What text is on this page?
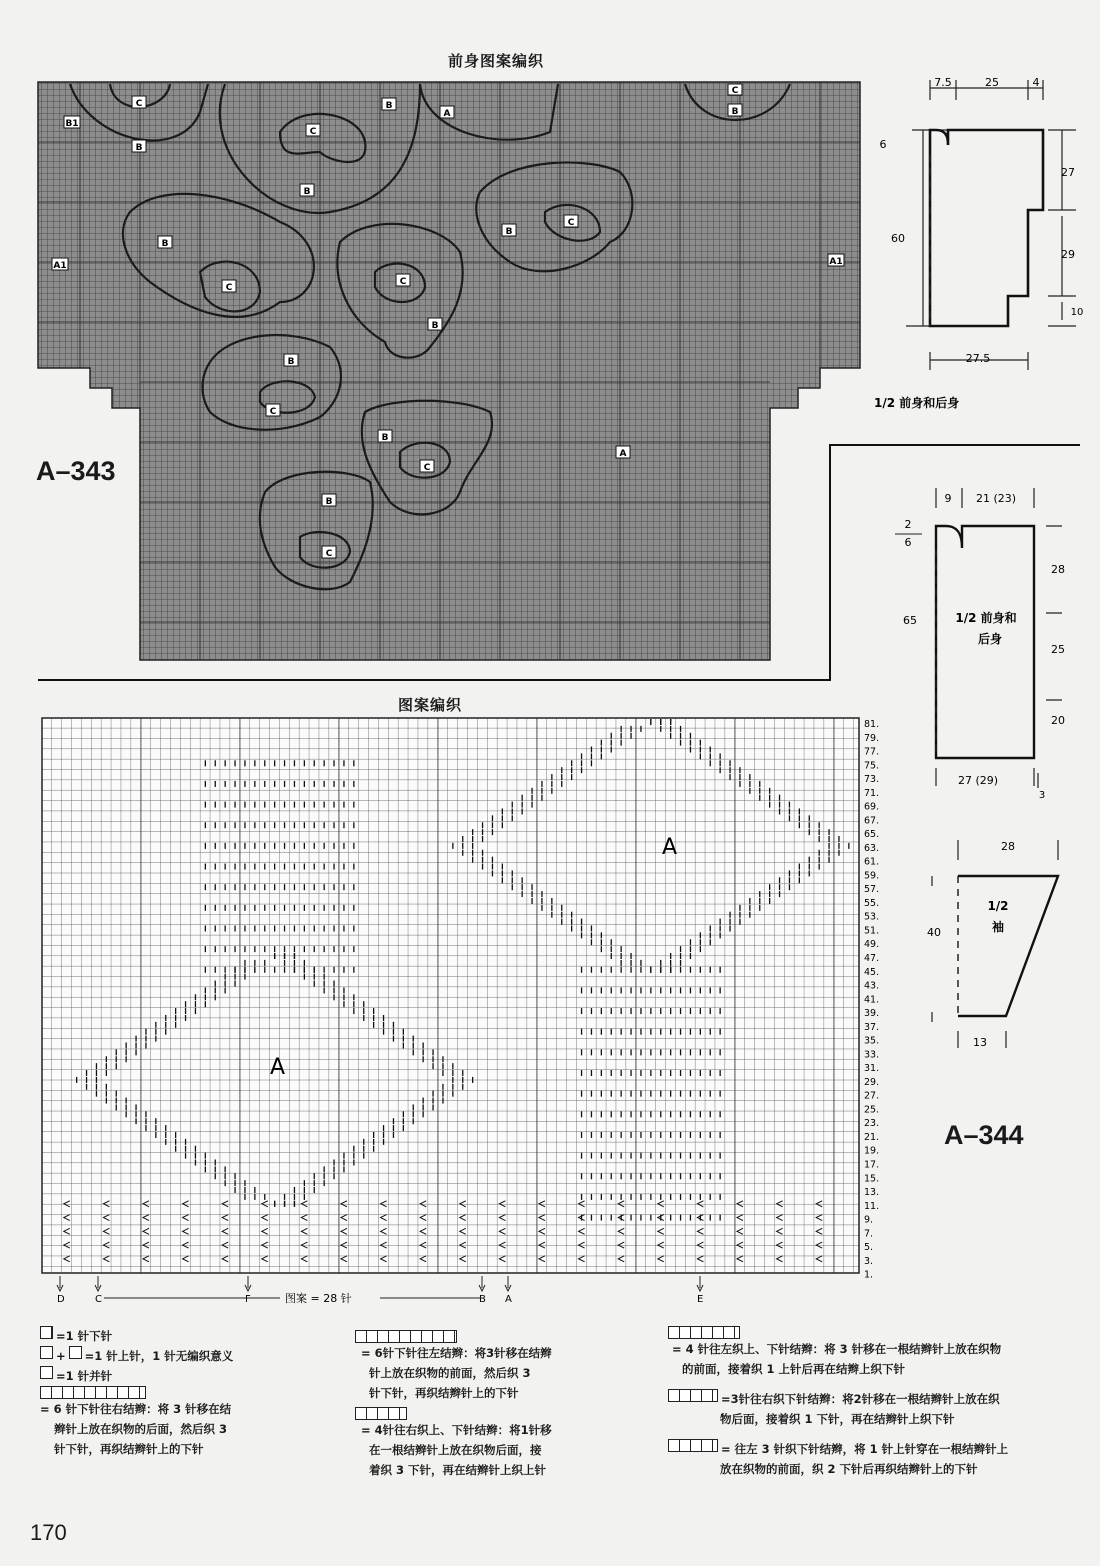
前身图案编织
C
B1
B
C
B
A
C
B
B
B
C
B
C
C
B
A1	A1
B
C
B
C
A
B
C
A–343
7.5	25	4
6
60
27
29
10
27.5
1/2 前身和后身
9 21 (23)
2
6
65
28
25
20
27 (29)
3
1/2 前身和
后身
28
40
13
1/2
袖
A–344
图案编织
81.
79.
77.
75.
73.
71.
69.
67.
65.
63.
61.
59.
57.
55.
53.
51.
49.
47.
45.
43.
41.
39.
37.
35.
33.
31.
29.
27.
25.
23.
21.
19.
17.
15.
13.
11.
9.
7.
5.
3.
1.
D	C	F	B A	E
图案 = 28 针
A
A
=1 针下针
+ =1 针上针，1 针无编织意义
=1 针并针
= 6 针下针往右结辫：将 3 针移在结
辫针上放在织物的后面，然后织 3
针下针，再织结辫针上的下针
= 6针下针往左结辫：将3针移在结辫
针上放在织物的前面，然后织 3
针下针，再织结辫针上的下针
= 4针往右织上、下针结辫：将1针移
在一根结辫针上放在织物后面，接
着织 3 下针，再在结辫针上织上针
= 4 针往左织上、下针结辫：将 3 针移在一根结辫针上放在织物
的前面，接着织 1 上针后再在结辫上织下针
=3针往右织下针结辫：将2针移在一根结辫针上放在织
物后面，接着织 1 下针，再在结辫针上织下针
= 往左 3 针织下针结辫，将 1 针上针穿在一根结辫针上
放在织物的前面，织 2 下针后再织结辫针上的下针
170
